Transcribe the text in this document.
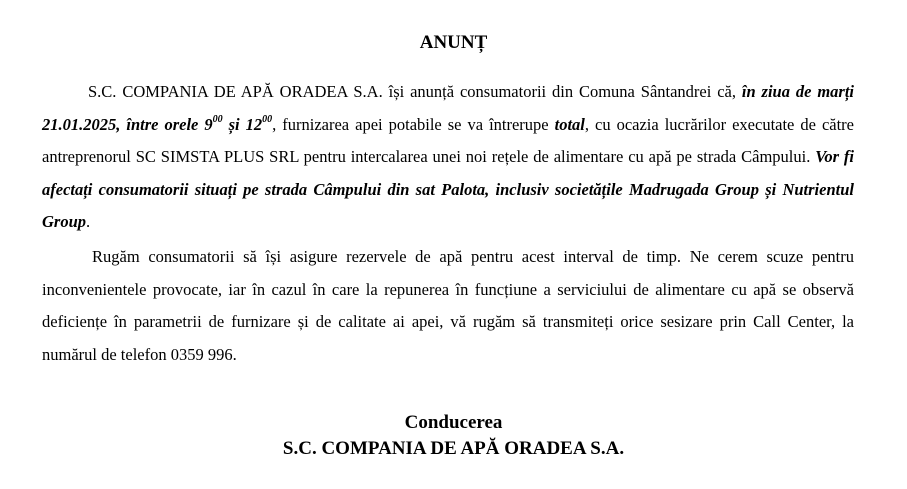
ANUNȚ

S.C. COMPANIA DE APĂ ORADEA S.A. își anunță consumatorii din Comuna Sântandrei că, în ziua de marți 21.01.2025, între orele $9^{00}$ și $12^{00}$, furnizarea apei potabile se va întrerupe total, cu ocazia lucrărilor executate de către antreprenorul SC SIMSTA PLUS SRL pentru intercalarea unei noi rețele de alimentare cu apă pe strada Câmpului. Vor fi afectați consumatorii situați pe strada Câmpului din sat Palota, inclusiv societățile Madrugada Group și Nutrientul Group.

Rugăm consumatorii să își asigure rezervele de apă pentru acest interval de timp. Ne cerem scuze pentru inconvenientele provocate, iar în cazul în care la repunerea în funcțiune a serviciului de alimentare cu apă se observă deficiențe în parametrii de furnizare și de calitate ai apei, vă rugăm să transmiteți orice sesizare prin Call Center, la numărul de telefon 0359 996.

Conducerea
S.C. COMPANIA DE APĂ ORADEA S.A.
